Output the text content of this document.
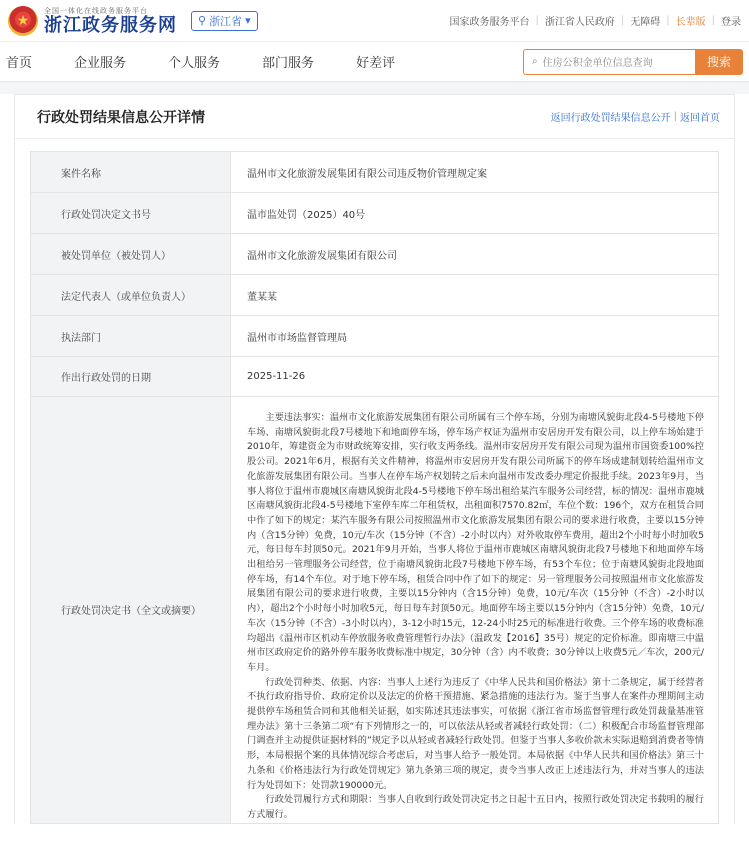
★
全国一体化在线政务服务平台
浙江政务服务网 ⚲ 浙江省 ▾	国家政务服务平台 | 浙江省人民政府 | 无障碍 | 长辈版 | 登录
首页	企业服务	个人服务	部门服务	好差评	⌕ 住房公积金单位信息查询	搜索
行政处罚结果信息公开详情	返回行政处罚结果信息公开 | 返回首页
案件名称	温州市文化旅游发展集团有限公司违反物价管理规定案
行政处罚决定文书号	温市监处罚（2025）40号
被处罚单位（被处罚人）	温州市文化旅游发展集团有限公司
法定代表人（或单位负责人）	董某某
执法部门	温州市市场监督管理局
作出行政处罚的日期	2025-11-26
行政处罚决定书（全文或摘要）	主要违法事实：温州市文化旅游发展集团有限公司所属有三个停车场，分别为南塘风貌街北段4-5号楼地下停车场、南塘风貌街北段7号楼地下和地面停车场，停车场产权证为温州市安居房开发有限公司，以上停车场始建于2010年，筹建资金为市财政统筹安排，实行收支两条线。温州市安居房开发有限公司现为温州市国资委100%控股公司。2021年6月，根据有关文件精神，将温州市安居房开发有限公司所属下的停车场成建制划转给温州市文化旅游发展集团有限公司。当事人在停车场产权划转之后未向温州市发改委办理定价报批手续。2023年9月，当事人将位于温州市鹿城区南塘风貌街北段4-5号楼地下停车场出租给某汽车服务公司经营，标的情况：温州市鹿城区南塘风貌街北段4-5号楼地下室停车库二年租赁权，出租面积7570.82㎡，车位个数：196个，双方在租赁合同中作了如下的规定：某汽车服务有限公司按照温州市文化旅游发展集团有限公司的要求进行收费，主要以15分钟内（含15分钟）免费，10元/车次（15分钟（不含）-2小时以内）对外收取停车费用，超出2个小时每小时加收5元，每日每车封顶50元。2021年9月开始，当事人将位于温州市鹿城区南塘风貌街北段7号楼地下和地面停车场出租给另一管理服务公司经营，位于南塘风貌街北段7号楼地下停车场，有53个车位；位于南塘风貌街北段地面停车场，有14个车位。对于地下停车场，租赁合同中作了如下的规定：另一管理服务公司按照温州市文化旅游发展集团有限公司的要求进行收费，主要以15分钟内（含15分钟）免费，10元/车次（15分钟（不含）-2小时以内），超出2个小时每小时加收5元，每日每车封顶50元。地面停车场主要以15分钟内（含15分钟）免费，10元/车次（15分钟（不含）-3小时以内），3-12小时15元，12-24小时25元的标准进行收费。三个停车场的收费标准均超出《温州市区机动车停放服务收费管理暂行办法》（温政发【2016】35号）规定的定价标准。即南塘三中温州市区政府定价的路外停车服务收费标准中规定，30分钟（含）内不收费；30分钟以上收费5元／车次，200元/车月。

行政处罚种类、依据、内容：当事人上述行为违反了《中华人民共和国价格法》第十二条规定，属于经营者不执行政府指导价、政府定价以及法定的价格干预措施、紧急措施的违法行为。鉴于当事人在案件办理期间主动提供停车场租赁合同和其他相关证据，如实陈述其违法事实，可依据《浙江省市场监督管理行政处罚裁量基准管理办法》第十三条第二项“有下列情形之一的，可以依法从轻或者减轻行政处罚：（二）积极配合市场监督管理部门调查并主动提供证据材料的”规定予以从轻或者减轻行政处罚。但鉴于当事人多收价款未实际退赔到消费者等情形，本局根据个案的具体情况综合考虑后，对当事人给予一般处罚。本局依据《中华人民共和国价格法》第三十九条和《价格违法行为行政处罚规定》第九条第三项的规定，责令当事人改正上述违法行为，并对当事人的违法行为处罚如下：处罚款190000元。

行政处罚履行方式和期限：当事人自收到行政处罚决定书之日起十五日内，按照行政处罚决定书载明的履行方式履行。
